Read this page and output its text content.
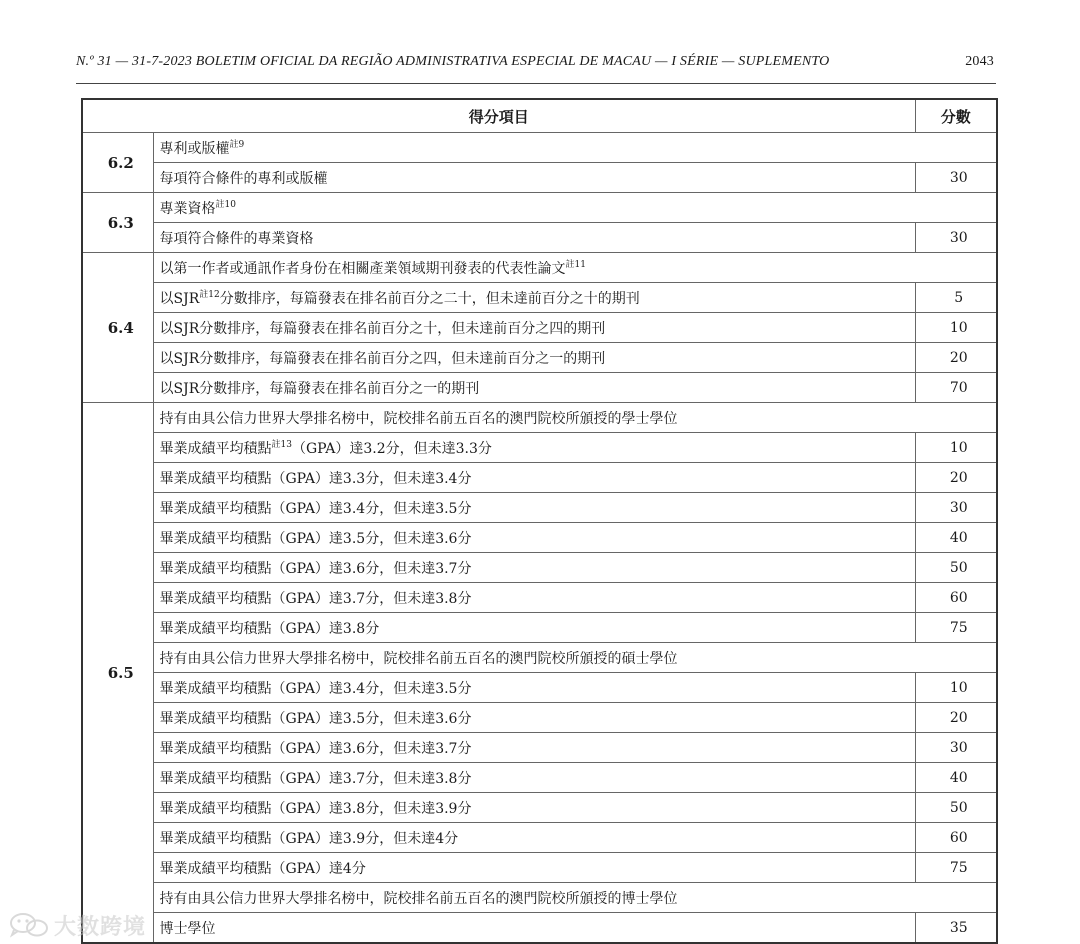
N.º 31 — 31-7-2023 BOLETIM OFICIAL DA REGIÃO ADMINISTRATIVA ESPECIAL DE MACAU — I SÉRIE — SUPLEMENTO	2043
得分項目		分數
6.2	專利或版權$^{註9}$
	每項符合條件的專利或版權	30
6.3	專業資格$^{註10}$
	每項符合條件的專業資格	30
6.4	以第一作者或通訊作者身份在相關產業領域期刊發表的代表性論文$^{註11}$
	以SJR$^{註12}$分數排序，每篇發表在排名前百分之二十，但未達前百分之十的期刊	5
	以SJR分數排序，每篇發表在排名前百分之十，但未達前百分之四的期刊	10
	以SJR分數排序，每篇發表在排名前百分之四，但未達前百分之一的期刊	20
	以SJR分數排序，每篇發表在排名前百分之一的期刊	70
6.5	持有由具公信力世界大學排名榜中，院校排名前五百名的澳門院校所頒授的學士學位	
	畢業成績平均積點$^{註13}$（GPA）達3.2分，但未達3.3分	10
	畢業成績平均積點（GPA）達3.3分，但未達3.4分	20
	畢業成績平均積點（GPA）達3.4分，但未達3.5分	30
	畢業成績平均積點（GPA）達3.5分，但未達3.6分	40
	畢業成績平均積點（GPA）達3.6分，但未達3.7分	50
	畢業成績平均積點（GPA）達3.7分，但未達3.8分	60
	畢業成績平均積點（GPA）達3.8分	75
	持有由具公信力世界大學排名榜中，院校排名前五百名的澳門院校所頒授的碩士學位	
	畢業成績平均積點（GPA）達3.4分，但未達3.5分	10
	畢業成績平均積點（GPA）達3.5分，但未達3.6分	20
	畢業成績平均積點（GPA）達3.6分，但未達3.7分	30
	畢業成績平均積點（GPA）達3.7分，但未達3.8分	40
	畢業成績平均積點（GPA）達3.8分，但未達3.9分	50
	畢業成績平均積點（GPA）達3.9分，但未達4分	60
	畢業成績平均積點（GPA）達4分	75
	持有由具公信力世界大學排名榜中，院校排名前五百名的澳門院校所頒授的博士學位	
	博士學位	35
大数跨境
